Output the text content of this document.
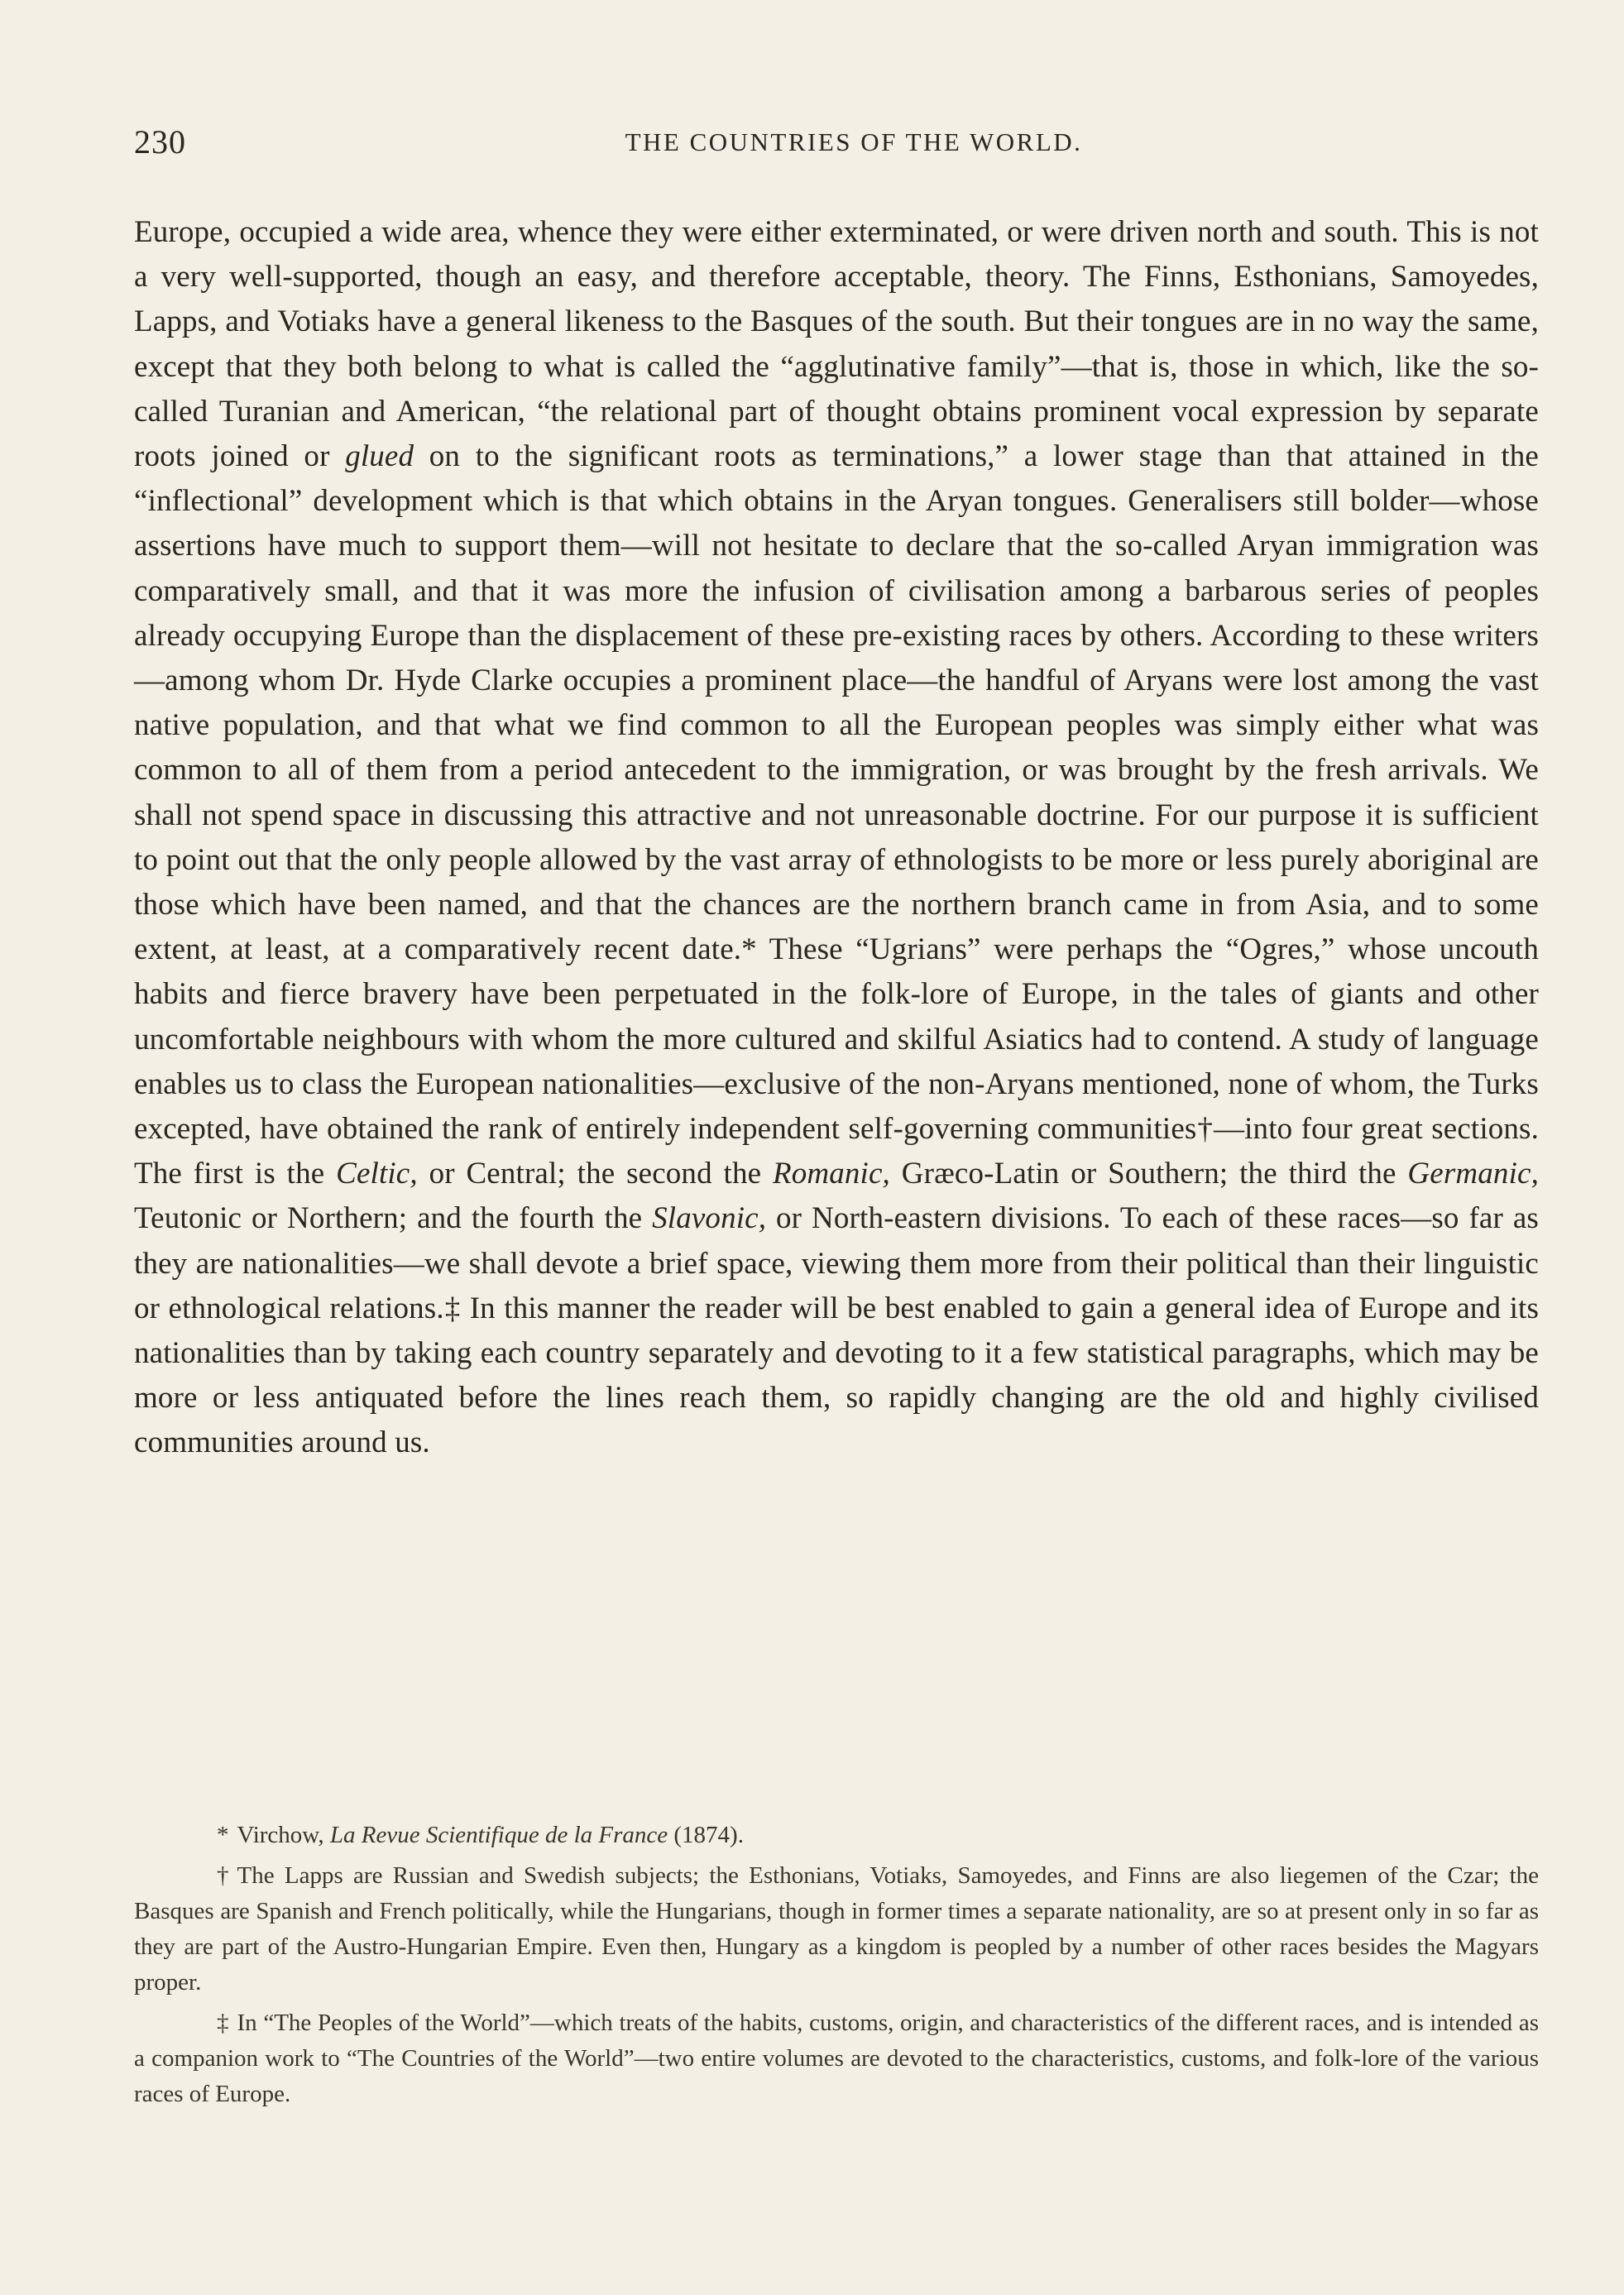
230	THE COUNTRIES OF THE WORLD.

Europe, occupied a wide area, whence they were either exterminated, or were driven north and south. This is not a very well-supported, though an easy, and therefore acceptable, theory. The Finns, Esthonians, Samoyedes, Lapps, and Votiaks have a general likeness to the Basques of the south. But their tongues are in no way the same, except that they both belong to what is called the “agglutinative family”—that is, those in which, like the so-called Turanian and American, “the relational part of thought obtains prominent vocal expression by separate roots joined or glued on to the significant roots as terminations,” a lower stage than that attained in the “inflectional” development which is that which obtains in the Aryan tongues. Generalisers still bolder—whose assertions have much to support them—will not hesitate to declare that the so-called Aryan immigration was comparatively small, and that it was more the infusion of civilisation among a barbarous series of peoples already occupying Europe than the displacement of these pre-existing races by others. According to these writers—among whom Dr. Hyde Clarke occupies a prominent place—the handful of Aryans were lost among the vast native population, and that what we find common to all the European peoples was simply either what was common to all of them from a period antecedent to the immigration, or was brought by the fresh arrivals. We shall not spend space in discussing this attractive and not unreasonable doctrine. For our purpose it is sufficient to point out that the only people allowed by the vast array of ethnologists to be more or less purely aboriginal are those which have been named, and that the chances are the northern branch came in from Asia, and to some extent, at least, at a comparatively recent date.* These “Ugrians” were perhaps the “Ogres,” whose uncouth habits and fierce bravery have been perpetuated in the folk-lore of Europe, in the tales of giants and other uncomfortable neighbours with whom the more cultured and skilful Asiatics had to contend. A study of language enables us to class the European nationalities—exclusive of the non-Aryans mentioned, none of whom, the Turks excepted, have obtained the rank of entirely independent self-governing communities†—into four great sections. The first is the Celtic, or Central; the second the Romanic, Græco-Latin or Southern; the third the Germanic, Teutonic or Northern; and the fourth the Slavonic, or North-eastern divisions. To each of these races—so far as they are nationalities—we shall devote a brief space, viewing them more from their political than their linguistic or ethnological relations.‡ In this manner the reader will be best enabled to gain a general idea of Europe and its nationalities than by taking each country separately and devoting to it a few statistical paragraphs, which may be more or less antiquated before the lines reach them, so rapidly changing are the old and highly civilised communities around us.

* Virchow, La Revue Scientifique de la France (1874).

† The Lapps are Russian and Swedish subjects; the Esthonians, Votiaks, Samoyedes, and Finns are also liegemen of the Czar; the Basques are Spanish and French politically, while the Hungarians, though in former times a separate nationality, are so at present only in so far as they are part of the Austro-Hungarian Empire. Even then, Hungary as a kingdom is peopled by a number of other races besides the Magyars proper.

‡ In “The Peoples of the World”—which treats of the habits, customs, origin, and characteristics of the different races, and is intended as a companion work to “The Countries of the World”—two entire volumes are devoted to the characteristics, customs, and folk-lore of the various races of Europe.
